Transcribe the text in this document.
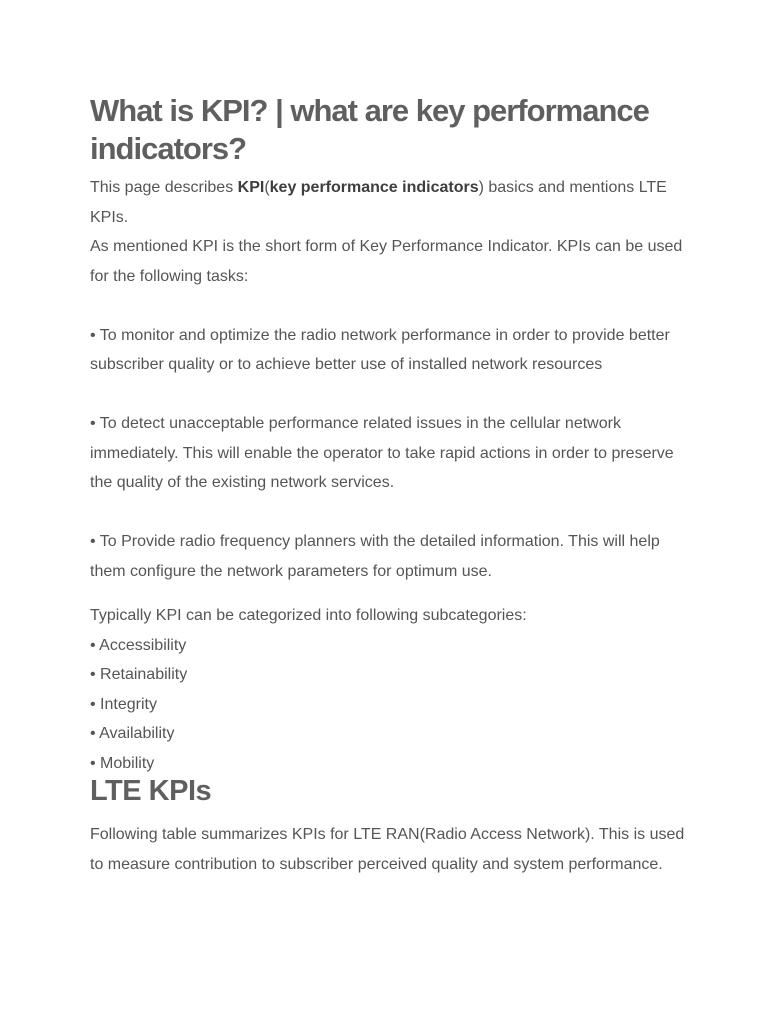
What is KPI? | what are key performance indicators?

This page describes KPI(key performance indicators) basics and mentions LTE KPIs.

As mentioned KPI is the short form of Key Performance Indicator. KPIs can be used for the following tasks:

• To monitor and optimize the radio network performance in order to provide better subscriber quality or to achieve better use of installed network resources

• To detect unacceptable performance related issues in the cellular network immediately. This will enable the operator to take rapid actions in order to preserve the quality of the existing network services.

• To Provide radio frequency planners with the detailed information. This will help them configure the network parameters for optimum use.

Typically KPI can be categorized into following subcategories:

• Accessibility

• Retainability

• Integrity

• Availability

• Mobility

LTE KPIs

Following table summarizes KPIs for LTE RAN(Radio Access Network). This is used to measure contribution to subscriber perceived quality and system performance.
